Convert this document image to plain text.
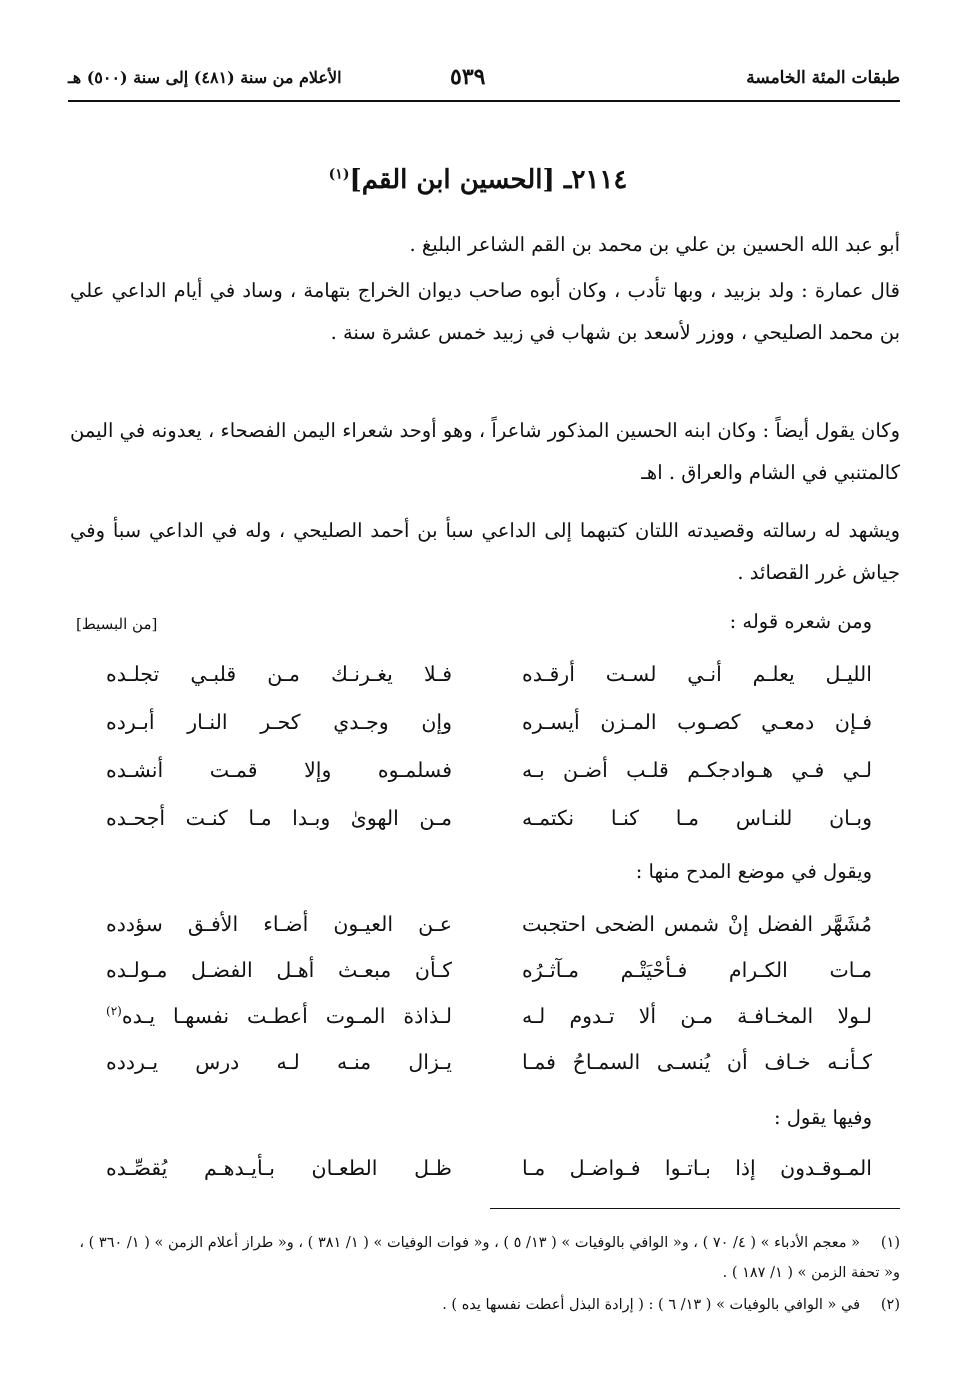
طبقات المئة الخامسة
٥٣٩
الأعلام من سنة (٤٨١) إلى سنة (٥٠٠) هـ
٢١١٤ـ [الحسين ابن القم]$^{(١)}$
أبو عبد الله الحسين بن علي بن محمد بن القم الشاعر البليغ .
قال عمارة : ولد بزبيد ، وبها تأدب ، وكان أبوه صاحب ديوان الخراج بتهامة ، وساد في أيام الداعي علي بن محمد الصليحي ، ووزر لأسعد بن شهاب في زبيد خمس عشرة سنة .
وكان يقول أيضاً : وكان ابنه الحسين المذكور شاعراً ، وهو أوحد شعراء اليمن الفصحاء ، يعدونه في اليمن كالمتنبي في الشام والعراق . اهـ
ويشهد له رسالته وقصيدته اللتان كتبهما إلى الداعي سبأ بن أحمد الصليحي ، وله في الداعي سبأ وفي جياش غرر القصائد .
ومن شعره قوله :
[من البسيط]
الليـل يعلـم أنـي لسـت أرقـده
فـلا يغـرنـك مـن قلبـي تجلـده
فـإن دمعـي كصـوب المـزن أيسـره
وإن وجـدي كحـر النـار أبـرده
لـي فـي هـوادجكـم قلـب أضـن بـه
فسلمـوه وإلا قمـت أنشـده
وبـان للنـاس مـا كنـا نكتمـه
مـن الهوىٰ وبـدا مـا كنـت أجحـده
ويقول في موضع المدح منها :
مُشَهَّر الفضل إنْ شمس الضحى احتجبت
عـن العيـون أضـاء الأفـق سؤدده
مـات الكـرام فـأحْيَتْـم مـآثـرُه
كـأن مبعـث أهـل الفضـل مـولـده
لـولا المخـافـة مـن ألا تـدوم لـه
لـذاذة المـوت أعطـت نفسهـا يـده$^{(٢)}$
كـأنـه خـاف أن يُنسـى السمـاحُ فمـا
يـزال منـه لـه درس يـردده
وفيها يقول :
المـوقـدون إذا بـاتـوا فـواضـل مـا
ظـل الطعـان بـأيـدهـم يُقصِّـده
(١)« معجم الأدباء » ( ٤/ ٧٠ ) ، و« الوافي بالوفيات » ( ١٣/ ٥ ) ، و« فوات الوفيات » ( ١/ ٣٨١ ) ، و« طراز أعلام الزمن » ( ١/ ٣٦٠ ) ، و« تحفة الزمن » ( ١/ ١٨٧ ) .
(٢)في « الوافي بالوفيات » ( ١٣/ ٦ ) : ( إرادة البذل أعطت نفسها يده ) .
